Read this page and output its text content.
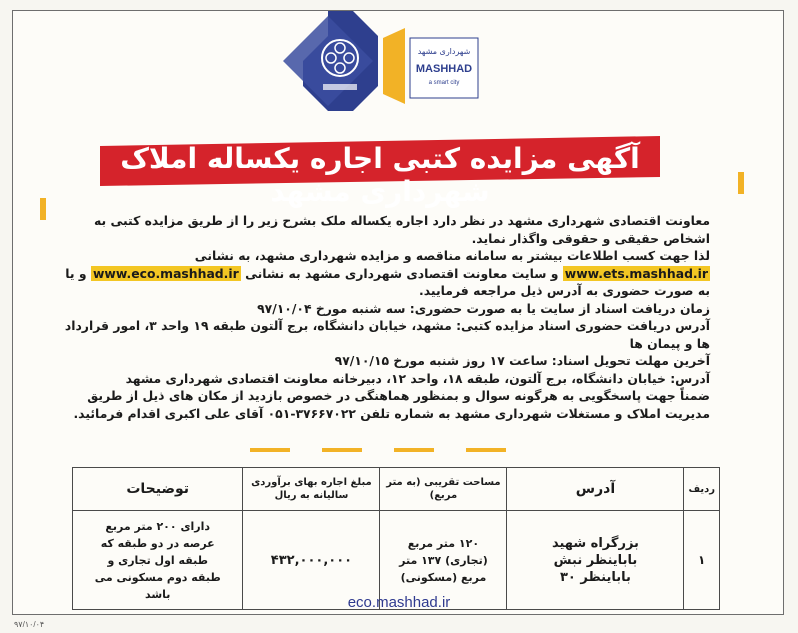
شهرداری مشهد
MASHHAD
a smart city
آگهی مزایده کتبی اجاره یکساله املاک شهرداری مشهد

معاونت اقتصادی شهرداری مشهد در نظر دارد اجاره یکساله ملک بشرح زیر را از طریق مزایده کتبی به اشخاص حقیقی و حقوقی واگذار نماید.

لذا جهت کسب اطلاعات بیشتر به سامانه مناقصه و مزایده شهرداری مشهد، به نشانی www.ets.mashhad.ir و سایت معاونت اقتصادی شهرداری مشهد به نشانی www.eco.mashhad.ir و یا به صورت حضوری به آدرس ذیل مراجعه فرمایید.

زمان دریافت اسناد از سایت یا به صورت حضوری: سه شنبه مورخ ۹۷/۱۰/۰۴

آدرس دریافت حضوری اسناد مزایده کتبی: مشهد، خیابان دانشگاه، برج آلتون طبقه ۱۹ واحد ۳، امور قرارداد ها و پیمان ها

آخرین مهلت تحویل اسناد: ساعت ۱۷ روز شنبه مورخ ۹۷/۱۰/۱۵

آدرس: خیابان دانشگاه، برج آلتون، طبقه ۱۸، واحد ۱۲، دبیرخانه معاونت اقتصادی شهرداری مشهد

ضمناً جهت پاسخگویی به هرگونه سوال و بمنظور هماهنگی در خصوص بازدید از مکان های ذیل از طریق مدیریت املاک و مستغلات شهرداری مشهد به شماره تلفن ۳۷۶۶۷۰۲۲-۰۵۱ آقای علی اکبری اقدام فرمائید.

ردیف	آدرس	مساحت تقریبی (به متر مربع)	مبلغ اجاره بهای برآوردی سالیانه به ریال	توضیحات
۱	بزرگراه شهید باباینظر نبش باباینظر ۳۰	۱۲۰ متر مربع (تجاری) ۱۳۷ متر مربع (مسکونی)	۴۳۲,۰۰۰,۰۰۰	دارای ۲۰۰ متر مربع عرصه در دو طبقه که طبقه اول تجاری و طبقه دوم مسکونی می باشد	eco.mashhad.ir
۹۷/۱۰/۰۴
